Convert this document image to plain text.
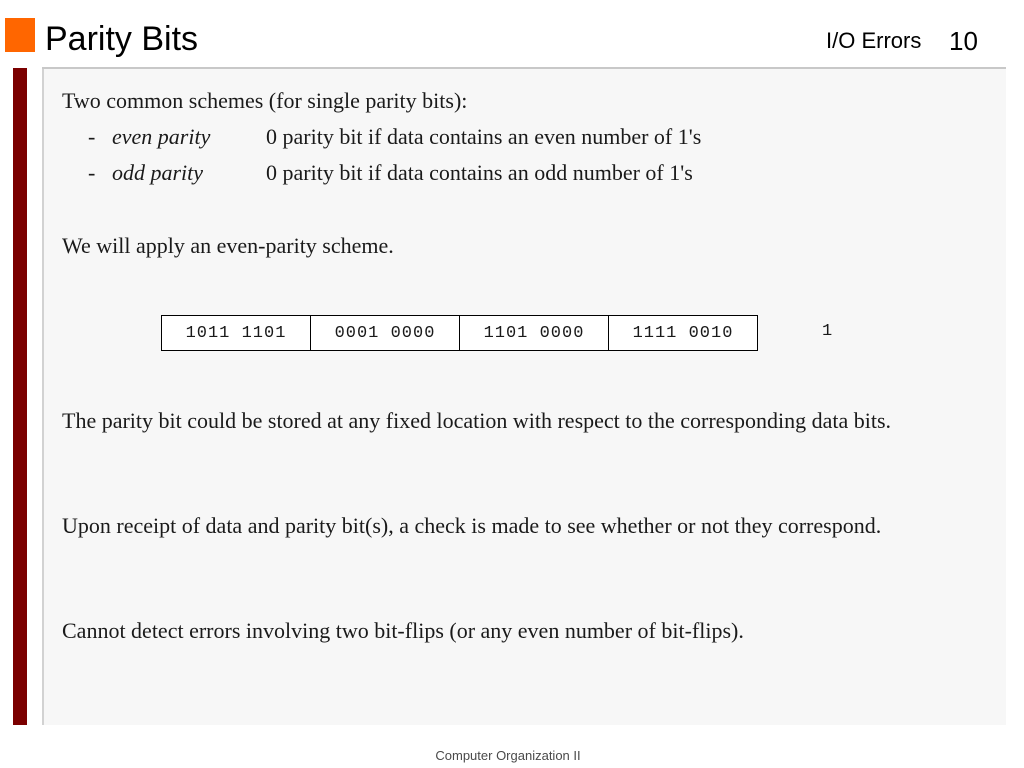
Parity Bits	I/O Errors 10
Two common schemes (for single parity bits):
- even parity	0 parity bit if data contains an even number of 1's
- odd parity	0 parity bit if data contains an odd number of 1's
We will apply an even-parity scheme.
The parity bit could be stored at any fixed location with respect to the corresponding data bits.
Upon receipt of data and parity bit(s), a check is made to see whether or not they correspond.
Cannot detect errors involving two bit-flips (or any even number of bit-flips).
1011 1101	0001 0000	1101 0000	1111 0010	1
Computer Organization II
